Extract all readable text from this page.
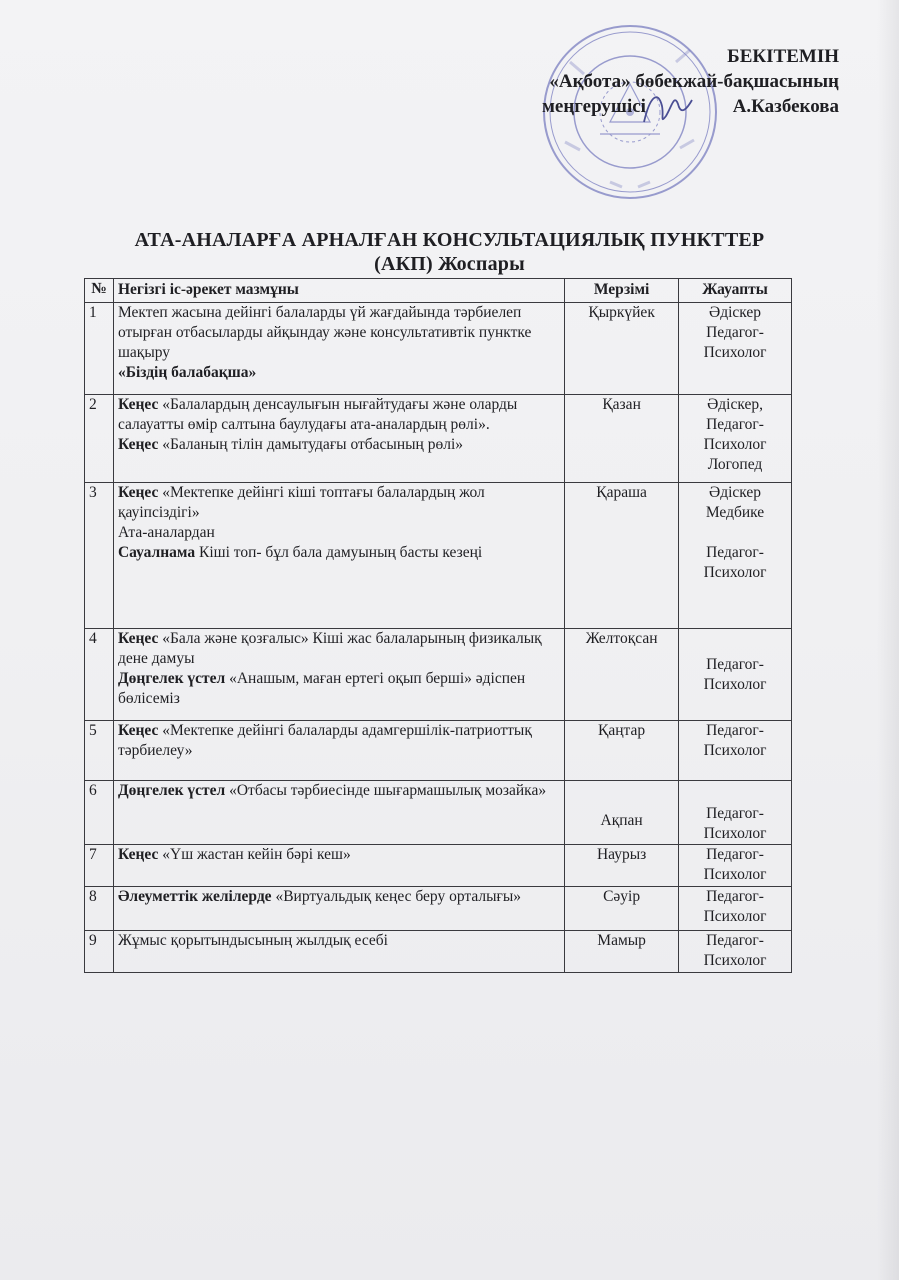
БЕКІТЕМІН
«Ақбота» бөбекжай-бақшасының
меңгерушісі	А.Казбекова
АТА-АНАЛАРҒА АРНАЛҒАН КОНСУЛЬТАЦИЯЛЫҚ ПУНКТТЕР
(АКП) Жоспары
№	Негізгі іс-әрекет мазмұны	Мерзімі	Жауапты
1	Мектеп жасына дейінгі балаларды үй жағдайында тәрбиелеп отырған отбасыларды айқындау және консультативтік пунктке шақыру
«Біздің балабақша»	Қыркүйек	Әдіскер
Педагог-
Психолог

2	Кеңес «Балалардың денсаулығын нығайтудағы және оларды салауатты өмір салтына баулудағы ата-аналардың рөлі».
Кеңес «Баланың тілін дамытудағы отбасының рөлі»	Қазан	Әдіскер,
Педагог-
Психолог
Логопед

3	Кеңес «Мектепке дейінгі кіші топтағы балалардың жол қауіпсіздігі»
Ата-аналардан
Сауалнама Кіші топ- бұл бала дамуының басты кезеңі	Қараша	Әдіскер
Медбике

Педагог-
Психолог

4	Кеңес «Бала және қозғалыс» Кіші жас балаларының физикалық дене дамуы
Дөңгелек үстел «Анашым, маған ертегі оқып берші» әдіспен бөлісеміз	Желтоқсан	Педагог-
Психолог

5	Кеңес «Мектепке дейінгі балаларды адамгершілік-патриоттық тәрбиелеу»	Қаңтар	Педагог-
Психолог

6	Дөңгелек үстел «Отбасы тәрбиесінде шығармашылық мозайка»	Ақпан	Педагог-
Психолог

7	Кеңес «Үш жастан кейін бәрі кеш»	Наурыз	Педагог-
Психолог

8	Әлеуметтік желілерде «Виртуальдық кеңес беру орталығы»	Сәуір	Педагог-
Психолог

9	Жұмыс қорытындысының жылдық есебі	Мамыр	Педагог-
Психолог
